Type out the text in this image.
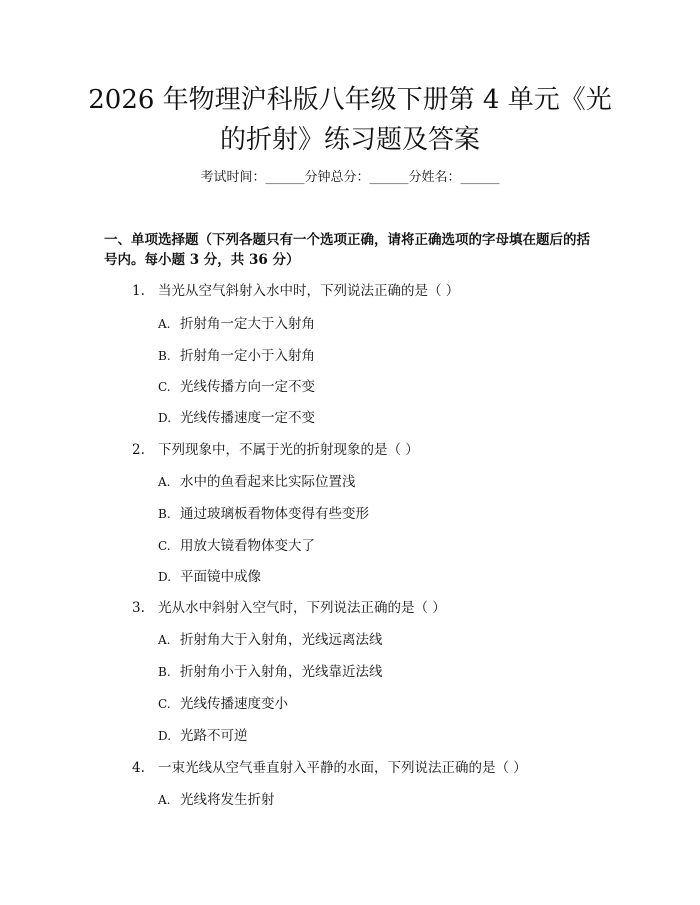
2026 年物理沪科版八年级下册第 4 单元《光
的折射》练习题及答案
考试时间：______分钟总分：______分姓名：______

一、单项选择题（下列各题只有一个选项正确，请将正确选项的字母填在题后的括号内。每小题 3 分，共 36 分）

1. 当光从空气斜射入水中时，下列说法正确的是（ ）
A. 折射角一定大于入射角
B. 折射角一定小于入射角
C. 光线传播方向一定不变
D. 光线传播速度一定不变
2. 下列现象中，不属于光的折射现象的是（ ）
A. 水中的鱼看起来比实际位置浅
B. 通过玻璃板看物体变得有些变形
C. 用放大镜看物体变大了
D. 平面镜中成像
3. 光从水中斜射入空气时，下列说法正确的是（ ）
A. 折射角大于入射角，光线远离法线
B. 折射角小于入射角，光线靠近法线
C. 光线传播速度变小
D. 光路不可逆
4. 一束光线从空气垂直射入平静的水面，下列说法正确的是（ ）
A. 光线将发生折射
